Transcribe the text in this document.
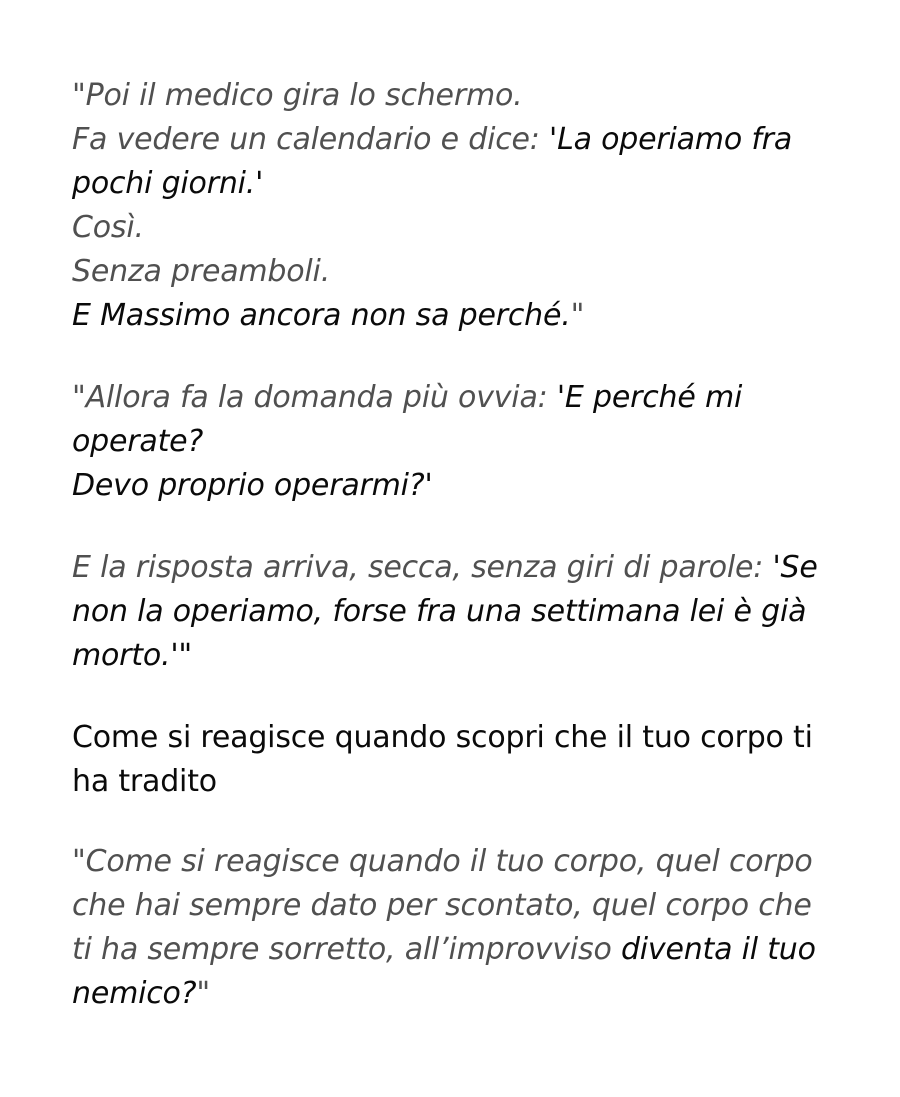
"Poi il medico gira lo schermo.
Fa vedere un calendario e dice: 'La operiamo fra
pochi giorni.'
Così.
Senza preamboli.
E Massimo ancora non sa perché."
"Allora fa la domanda più ovvia: 'E perché mi
operate?
Devo proprio operarmi?'
E la risposta arriva, secca, senza giri di parole: 'Se
non la operiamo, forse fra una settimana lei è già
morto.'"
Come si reagisce quando scopri che il tuo corpo ti
ha tradito
"Come si reagisce quando il tuo corpo, quel corpo
che hai sempre dato per scontato, quel corpo che
ti ha sempre sorretto, all’improvviso diventa il tuo
nemico?"
